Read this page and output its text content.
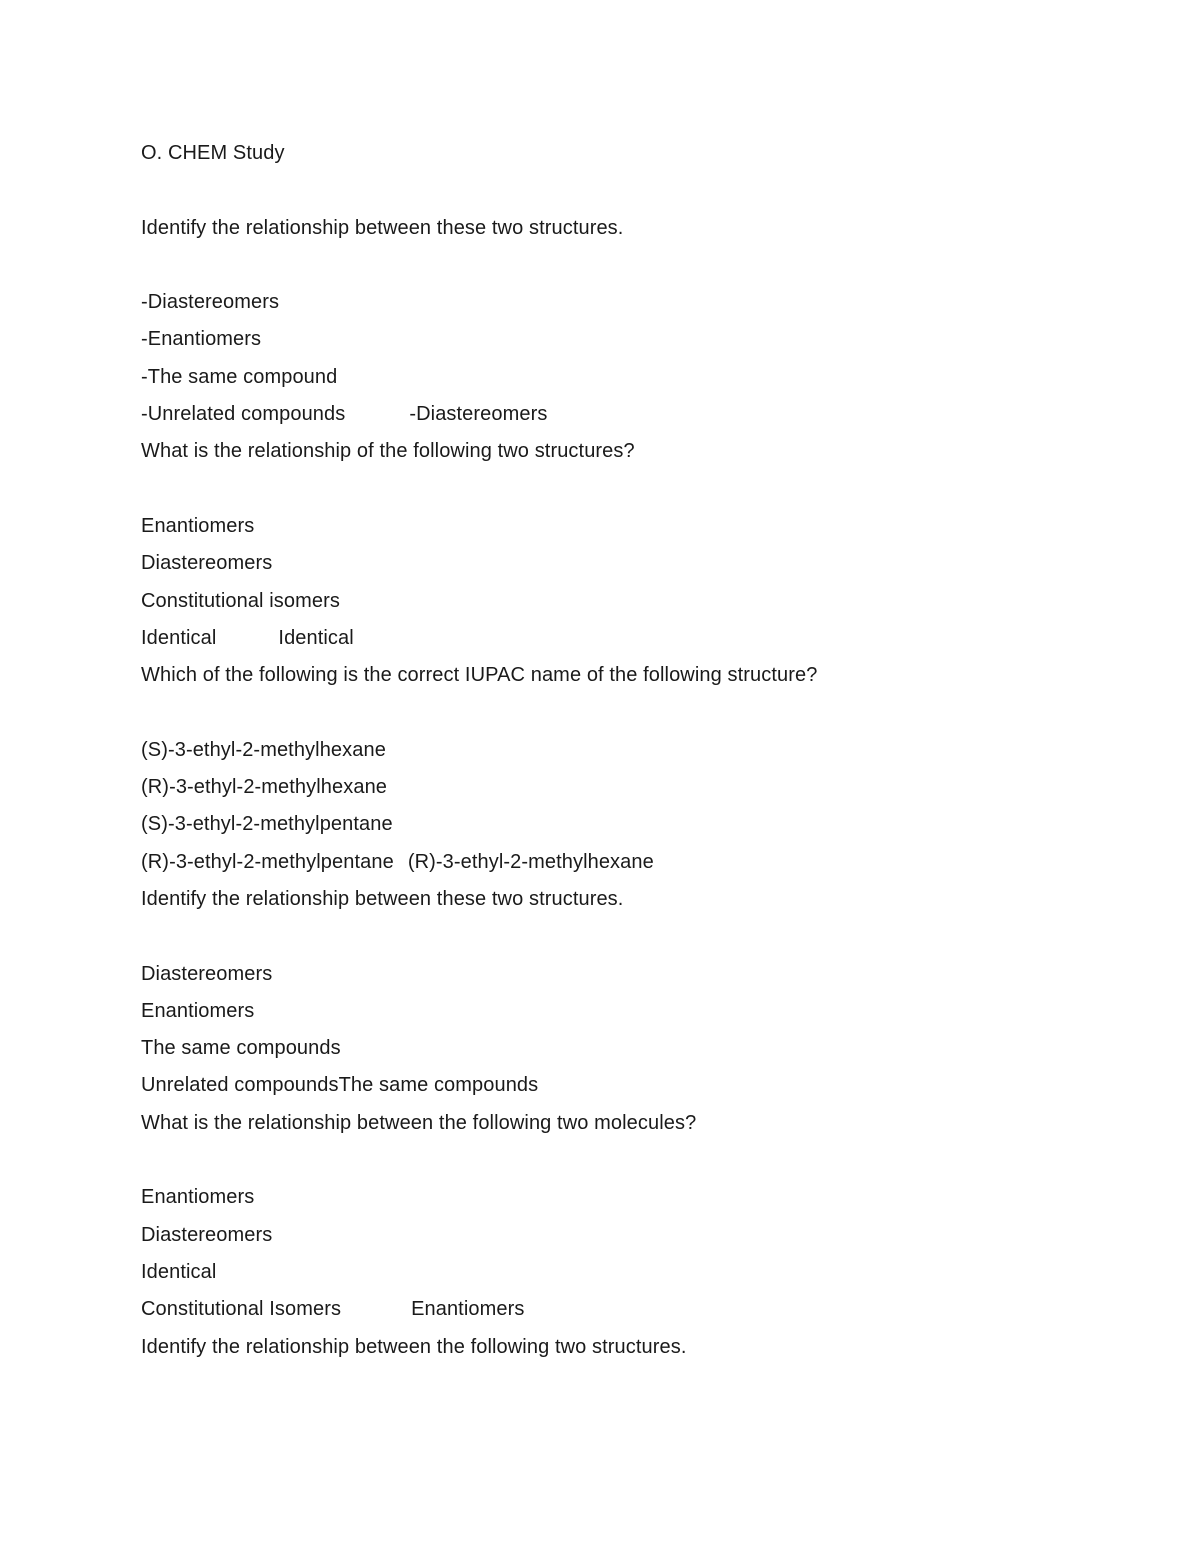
O. CHEM Study
Identify the relationship between these two structures.
-Diastereomers
-Enantiomers
-The same compound
-Unrelated compounds	-Diastereomers
What is the relationship of the following two structures?
Enantiomers
Diastereomers
Constitutional isomers
Identical	Identical
Which of the following is the correct IUPAC name of the following structure?
(S)-3-ethyl-2-methylhexane
(R)-3-ethyl-2-methylhexane
(S)-3-ethyl-2-methylpentane
(R)-3-ethyl-2-methylpentane (R)-3-ethyl-2-methylhexane
Identify the relationship between these two structures.
Diastereomers
Enantiomers
The same compounds
Unrelated compoundsThe same compounds
What is the relationship between the following two molecules?
Enantiomers
Diastereomers
Identical
Constitutional Isomers	Enantiomers
Identify the relationship between the following two structures.
